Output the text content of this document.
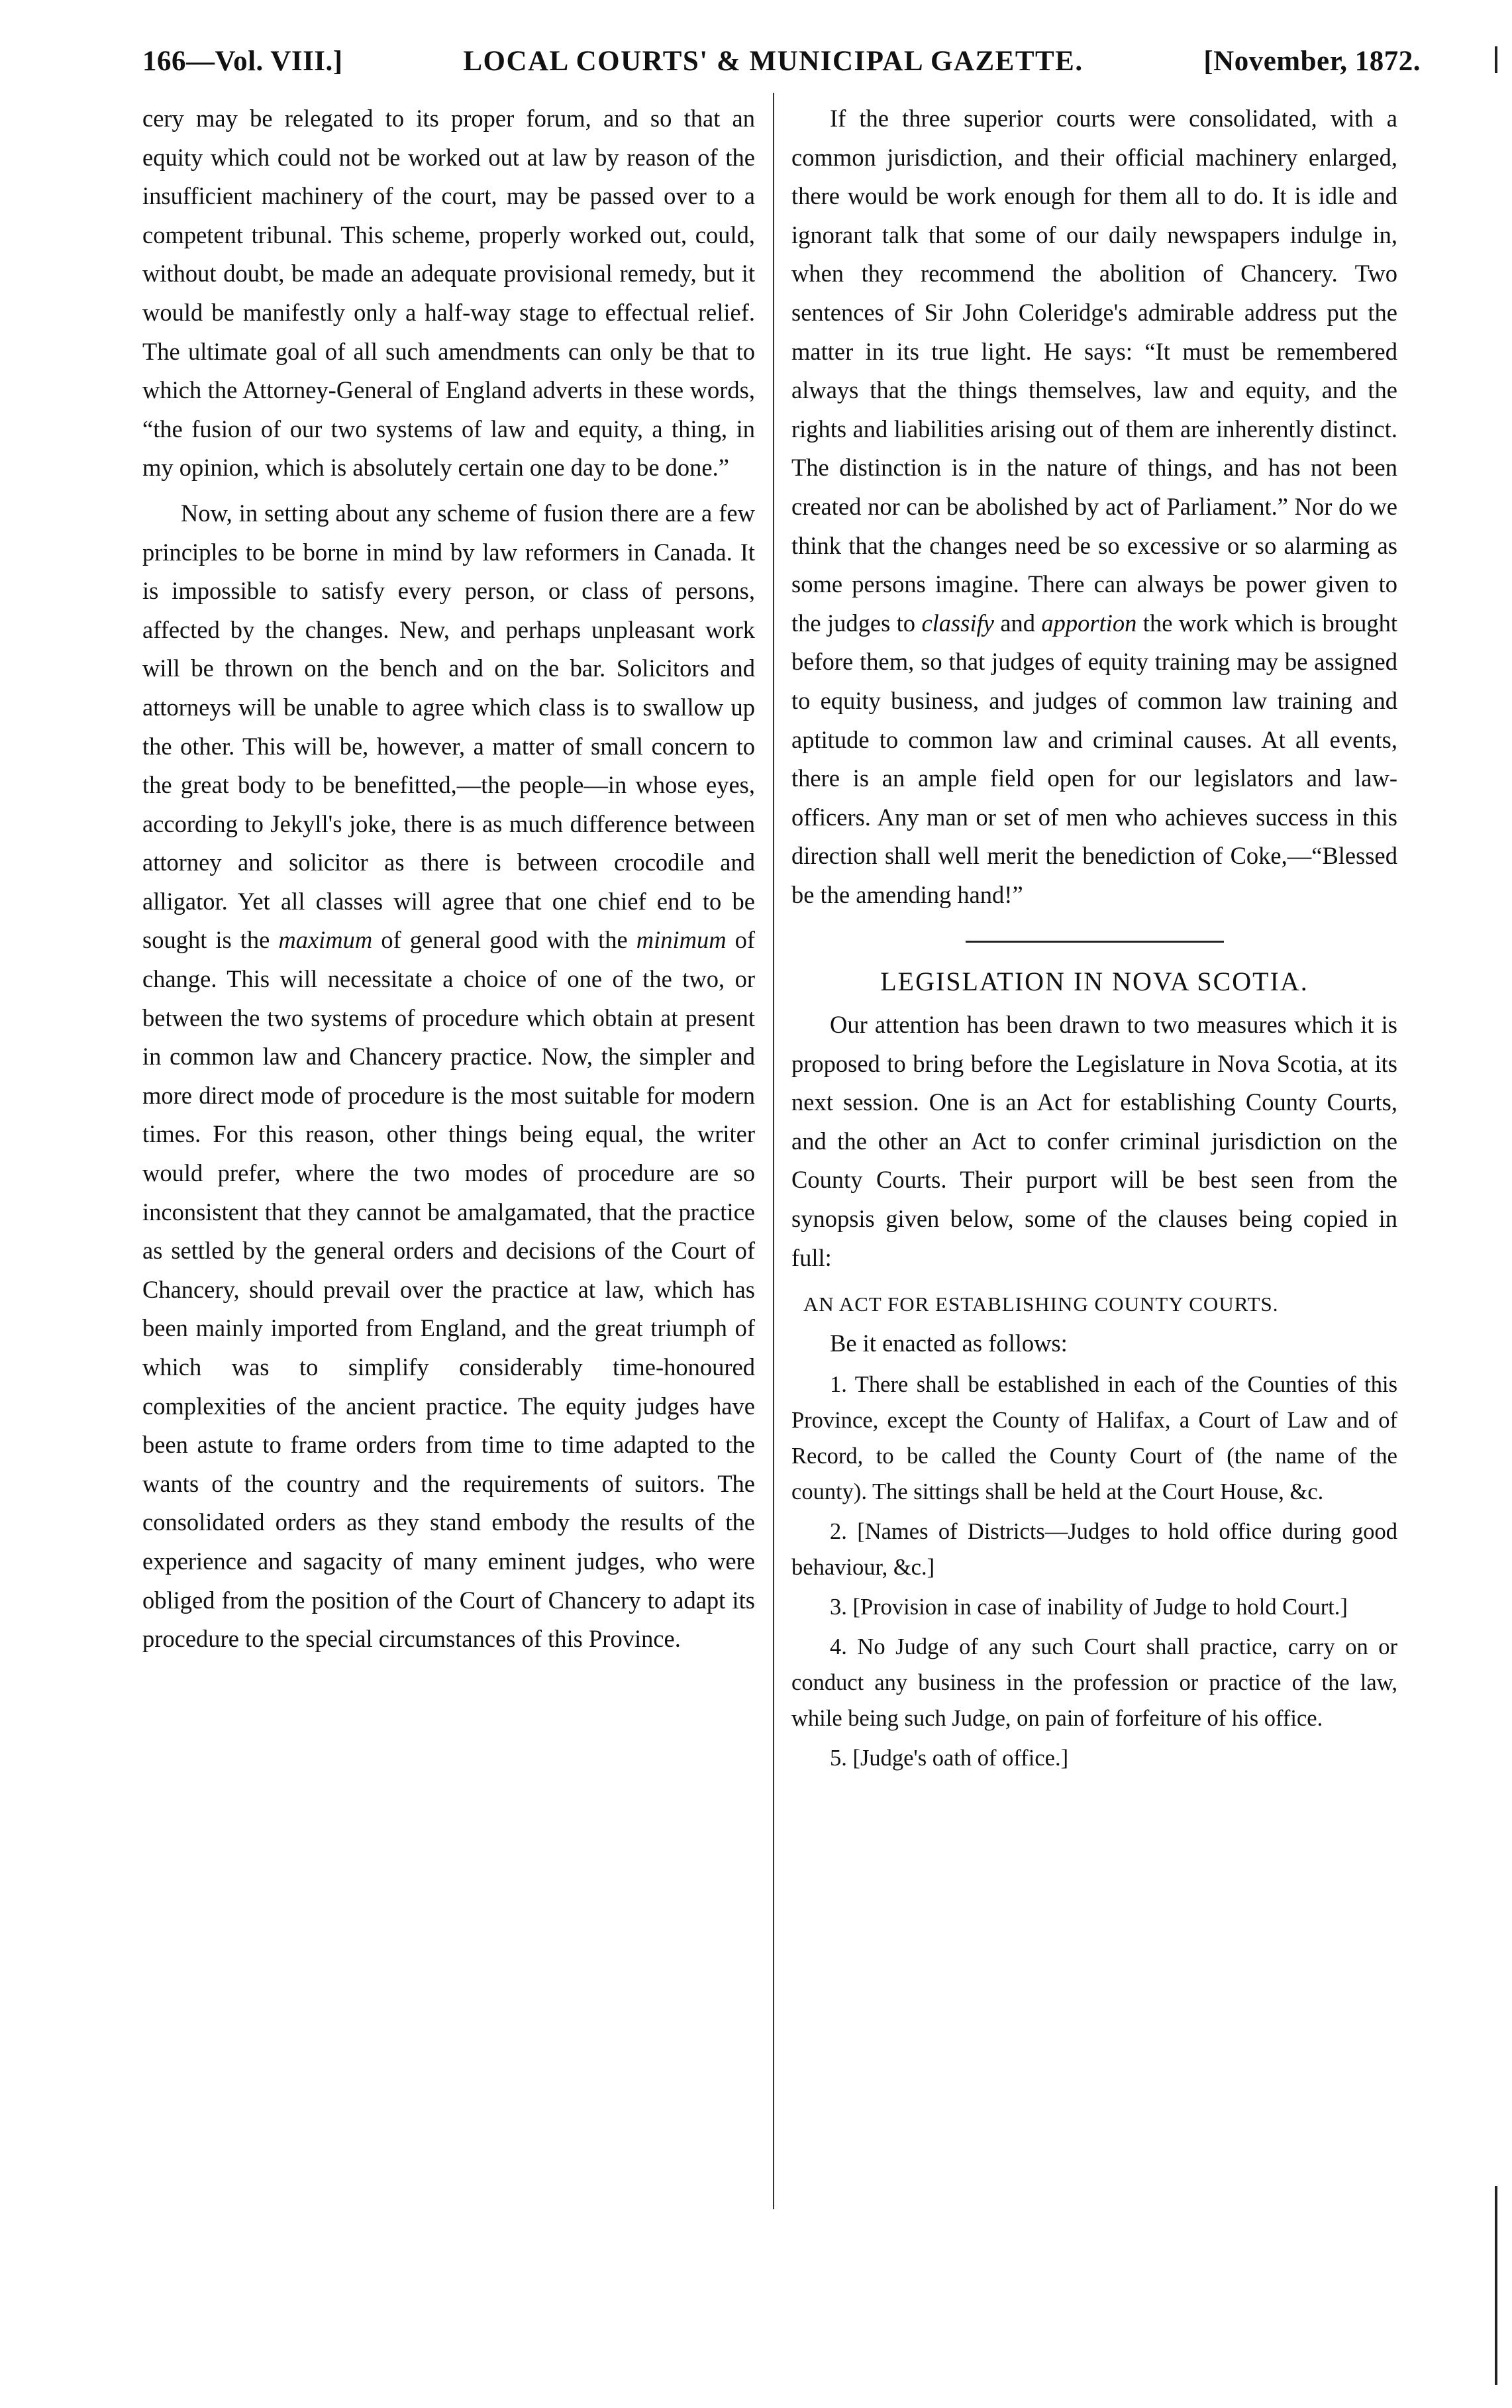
166—Vol. VIII.]	LOCAL COURTS' & MUNICIPAL GAZETTE.	[November, 1872.

cery may be relegated to its proper forum, and so that an equity which could not be worked out at law by reason of the insufficient machinery of the court, may be passed over to a competent tribunal. This scheme, properly worked out, could, without doubt, be made an adequate provisional remedy, but it would be manifestly only a half-way stage to effectual relief. The ultimate goal of all such amendments can only be that to which the Attorney-General of England adverts in these words, “the fusion of our two systems of law and equity, a thing, in my opinion, which is absolutely certain one day to be done.”

Now, in setting about any scheme of fusion there are a few principles to be borne in mind by law reformers in Canada. It is impossible to satisfy every person, or class of persons, affected by the changes. New, and perhaps unpleasant work will be thrown on the bench and on the bar. Solicitors and attorneys will be unable to agree which class is to swallow up the other. This will be, however, a matter of small concern to the great body to be benefitted,—the people—in whose eyes, according to Jekyll's joke, there is as much difference between attorney and solicitor as there is between crocodile and alligator. Yet all classes will agree that one chief end to be sought is the maximum of general good with the minimum of change. This will necessitate a choice of one of the two, or between the two systems of procedure which obtain at present in common law and Chancery practice. Now, the simpler and more direct mode of procedure is the most suitable for modern times. For this reason, other things being equal, the writer would prefer, where the two modes of procedure are so inconsistent that they cannot be amalgamated, that the practice as settled by the general orders and decisions of the Court of Chancery, should prevail over the practice at law, which has been mainly imported from England, and the great triumph of which was to simplify considerably time-honoured complexities of the ancient practice. The equity judges have been astute to frame orders from time to time adapted to the wants of the country and the requirements of suitors. The consolidated orders as they stand embody the results of the experience and sagacity of many eminent judges, who were obliged from the position of the Court of Chancery to adapt its procedure to the special circumstances of this Province.

If the three superior courts were consolidated, with a common jurisdiction, and their official machinery enlarged, there would be work enough for them all to do. It is idle and ignorant talk that some of our daily newspapers indulge in, when they recommend the abolition of Chancery. Two sentences of Sir John Coleridge's admirable address put the matter in its true light. He says: “It must be remembered always that the things themselves, law and equity, and the rights and liabilities arising out of them are inherently distinct. The distinction is in the nature of things, and has not been created nor can be abolished by act of Parliament.” Nor do we think that the changes need be so excessive or so alarming as some persons imagine. There can always be power given to the judges to classify and apportion the work which is brought before them, so that judges of equity training may be assigned to equity business, and judges of common law training and aptitude to common law and criminal causes. At all events, there is an ample field open for our legislators and law-officers. Any man or set of men who achieves success in this direction shall well merit the benediction of Coke,—“Blessed be the amending hand!”

LEGISLATION IN NOVA SCOTIA.

Our attention has been drawn to two measures which it is proposed to bring before the Legislature in Nova Scotia, at its next session. One is an Act for establishing County Courts, and the other an Act to confer criminal jurisdiction on the County Courts. Their purport will be best seen from the synopsis given below, some of the clauses being copied in full:

AN ACT FOR ESTABLISHING COUNTY COURTS.

Be it enacted as follows:

1. There shall be established in each of the Counties of this Province, except the County of Halifax, a Court of Law and of Record, to be called the County Court of (the name of the county). The sittings shall be held at the Court House, &c.

2. [Names of Districts—Judges to hold office during good behaviour, &c.]

3. [Provision in case of inability of Judge to hold Court.]

4. No Judge of any such Court shall practice, carry on or conduct any business in the profession or practice of the law, while being such Judge, on pain of forfeiture of his office.

5. [Judge's oath of office.]
